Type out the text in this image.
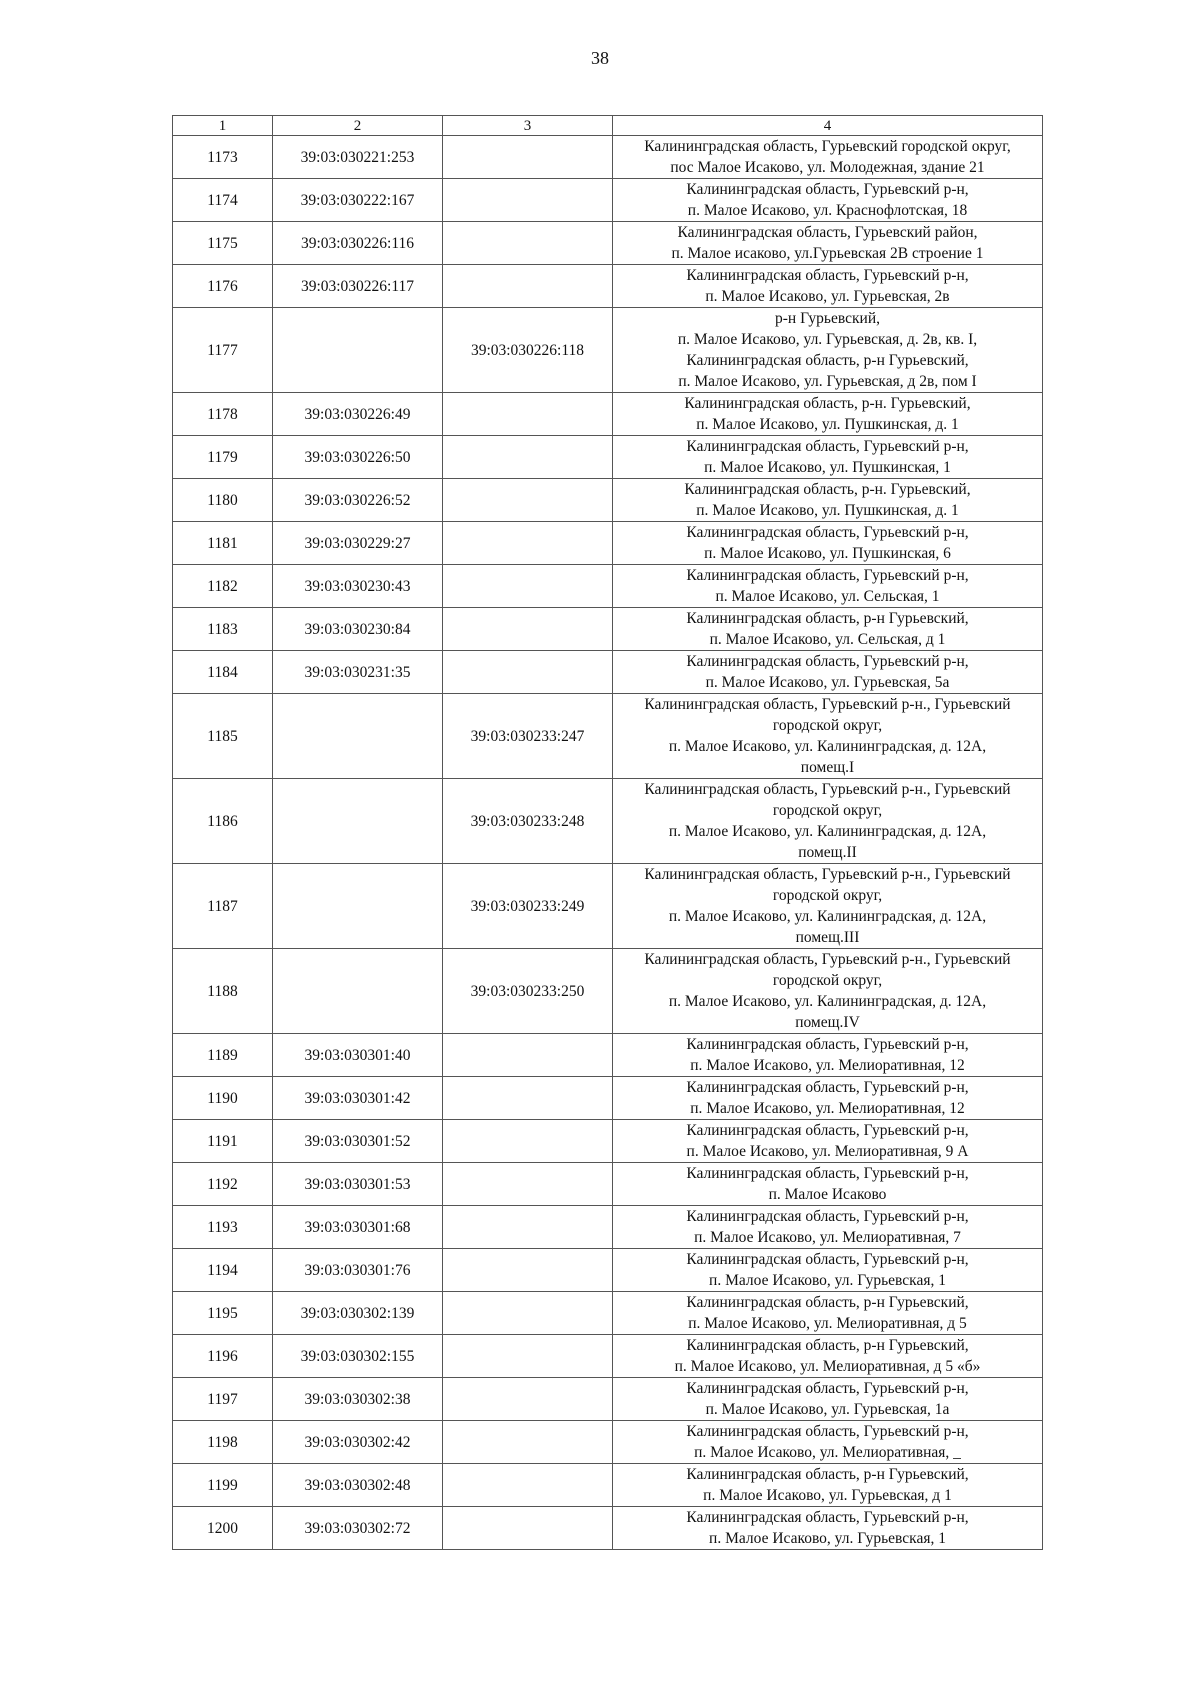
38
1	2	3	4
1173	39:03:030221:253		Калининградская область, Гурьевский городской округ,
пос Малое Исаково, ул. Молодежная, здание 21
1174	39:03:030222:167		Калининградская область, Гурьевский р-н,
п. Малое Исаково, ул. Краснофлотская, 18
1175	39:03:030226:116		Калининградская область, Гурьевский район,
п. Малое исаково, ул.Гурьевская 2В строение 1
1176	39:03:030226:117		Калининградская область, Гурьевский р-н,
п. Малое Исаково, ул. Гурьевская, 2в
1177		39:03:030226:118	р-н Гурьевский,
п. Малое Исаково, ул. Гурьевская, д. 2в, кв. I,
Калининградская область, р-н Гурьевский,
п. Малое Исаково, ул. Гурьевская, д 2в, пом I
1178	39:03:030226:49		Калининградская область, р-н. Гурьевский,
п. Малое Исаково, ул. Пушкинская, д. 1
1179	39:03:030226:50		Калининградская область, Гурьевский р-н,
п. Малое Исаково, ул. Пушкинская, 1
1180	39:03:030226:52		Калининградская область, р-н. Гурьевский,
п. Малое Исаково, ул. Пушкинская, д. 1
1181	39:03:030229:27		Калининградская область, Гурьевский р-н,
п. Малое Исаково, ул. Пушкинская, 6
1182	39:03:030230:43		Калининградская область, Гурьевский р-н,
п. Малое Исаково, ул. Сельская, 1
1183	39:03:030230:84		Калининградская область, р-н Гурьевский,
п. Малое Исаково, ул. Сельская, д 1
1184	39:03:030231:35		Калининградская область, Гурьевский р-н,
п. Малое Исаково, ул. Гурьевская, 5а
1185		39:03:030233:247	Калининградская область, Гурьевский р-н., Гурьевский
городской округ,
п. Малое Исаково, ул. Калининградская, д. 12А,
помещ.I
1186		39:03:030233:248	Калининградская область, Гурьевский р-н., Гурьевский
городской округ,
п. Малое Исаково, ул. Калининградская, д. 12А,
помещ.II
1187		39:03:030233:249	Калининградская область, Гурьевский р-н., Гурьевский
городской округ,
п. Малое Исаково, ул. Калининградская, д. 12А,
помещ.III
1188		39:03:030233:250	Калининградская область, Гурьевский р-н., Гурьевский
городской округ,
п. Малое Исаково, ул. Калининградская, д. 12А,
помещ.IV
1189	39:03:030301:40		Калининградская область, Гурьевский р-н,
п. Малое Исаково, ул. Мелиоративная, 12
1190	39:03:030301:42		Калининградская область, Гурьевский р-н,
п. Малое Исаково, ул. Мелиоративная, 12
1191	39:03:030301:52		Калининградская область, Гурьевский р-н,
п. Малое Исаково, ул. Мелиоративная, 9 А
1192	39:03:030301:53		Калининградская область, Гурьевский р-н,
п. Малое Исаково
1193	39:03:030301:68		Калининградская область, Гурьевский р-н,
п. Малое Исаково, ул. Мелиоративная, 7
1194	39:03:030301:76		Калининградская область, Гурьевский р-н,
п. Малое Исаково, ул. Гурьевская, 1
1195	39:03:030302:139		Калининградская область, р-н Гурьевский,
п. Малое Исаково, ул. Мелиоративная, д 5
1196	39:03:030302:155		Калининградская область, р-н Гурьевский,
п. Малое Исаково, ул. Мелиоративная, д 5 «б»
1197	39:03:030302:38		Калининградская область, Гурьевский р-н,
п. Малое Исаково, ул. Гурьевская, 1а
1198	39:03:030302:42		Калининградская область, Гурьевский р-н,
п. Малое Исаково, ул. Мелиоративная, _
1199	39:03:030302:48		Калининградская область, р-н Гурьевский,
п. Малое Исаково, ул. Гурьевская, д 1
1200	39:03:030302:72		Калининградская область, Гурьевский р-н,
п. Малое Исаково, ул. Гурьевская, 1
